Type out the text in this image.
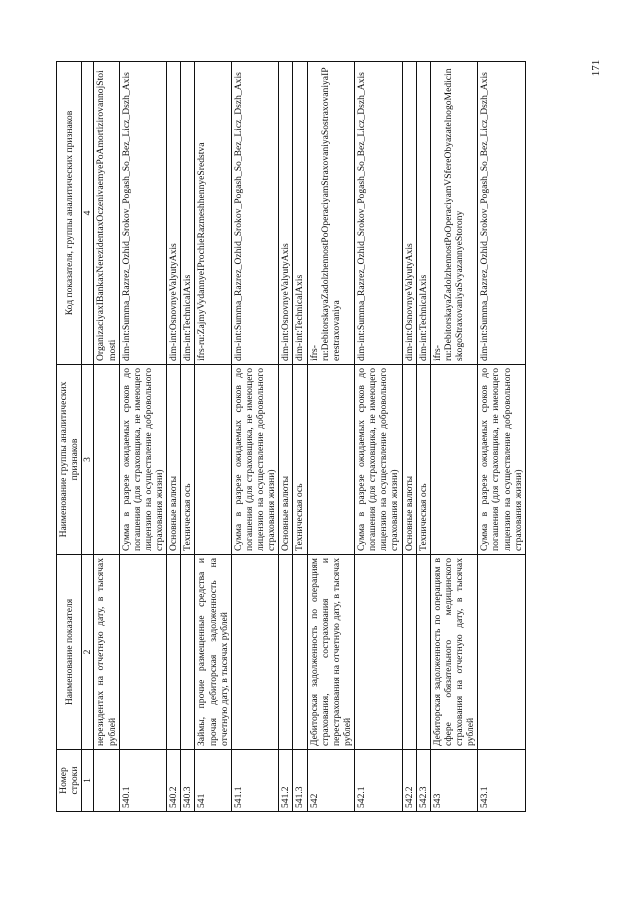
Номер строки	Наименование показателя	Наименование группы аналитических признаков	Код показателя, группы аналитических признаков
1	2	3	4
	нерезидентах на отчетную дату, в тысячах рублей		OrganizaciyaxIBankaxNerezidentaxOczenivaemyePoAmortizirovannojStoimosti
540.1		Сумма в разрезе ожидаемых сроков до погашения (для страховщика, не имеющего лицензию на осуществление добровольного страхования жизни)	dim-int:Summa_Razrez_Ozhid_Srokov_Pogash_So_Bez_Licz_Dszh_Axis
540.2		Основные валюты	dim-int:OsnovnyeValyutyAxis
540.3		Техническая ось	dim-int:TechnicalAxis
541	Займы, прочие размещенные средства и прочая дебиторская задолженность на отчетную дату, в тысячах рублей		ifrs-ru:ZajmyVydannyeIProchieRazmeshhennyeSredstva
541.1		Сумма в разрезе ожидаемых сроков до погашения (для страховщика, не имеющего лицензию на осуществление добровольного страхования жизни)	dim-int:Summa_Razrez_Ozhid_Srokov_Pogash_So_Bez_Licz_Dszh_Axis
541.2		Основные валюты	dim-int:OsnovnyeValyutyAxis
541.3		Техническая ось	dim-int:TechnicalAxis
542	Дебиторская задолженность по операциям страхования, сострахования и перестрахования на отчетную дату, в тысячах рублей		ifrs-ru:DebitorskayaZadolzhennostPoOperaciyamStraxovaniyaSostraxovaniyaIPerestraxovaniya
542.1		Сумма в разрезе ожидаемых сроков до погашения (для страховщика, не имеющего лицензию на осуществление добровольного страхования жизни)	dim-int:Summa_Razrez_Ozhid_Srokov_Pogash_So_Bez_Licz_Dszh_Axis
542.2		Основные валюты	dim-int:OsnovnyeValyutyAxis
542.3		Техническая ось	dim-int:TechnicalAxis
543	Дебиторская задолженность по операциям в сфере обязательного медицинского страхования на отчетную дату, в тысячах рублей		ifrs-ru:DebitorskayaZadolzhennostPoOperaciyamVSfereObyazatelnogoMedicinskogoStraxovaniyaSvyazannyeStorony
543.1		Сумма в разрезе ожидаемых сроков до погашения (для страховщика, не имеющего лицензию на осуществление добровольного страхования жизни)	dim-int:Summa_Razrez_Ozhid_Srokov_Pogash_So_Bez_Licz_Dszh_Axis
171
